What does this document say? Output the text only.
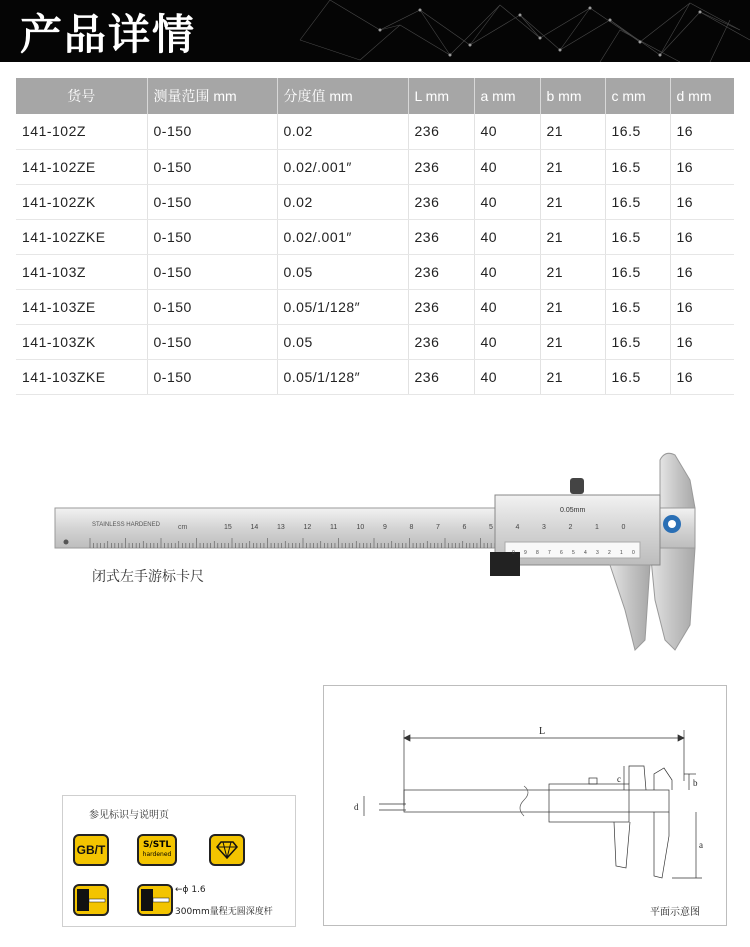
产品详情
货号	测量范围 mm	分度值 mm	L mm	a mm	b mm	c mm	d mm
141-102Z	0-150	0.02	236	40	21	16.5	16
141-102ZE	0-150	0.02/.001″	236	40	21	16.5	16
141-102ZK	0-150	0.02	236	40	21	16.5	16
141-102ZKE	0-150	0.02/.001″	236	40	21	16.5	16
141-103Z	0-150	0.05	236	40	21	16.5	16
141-103ZE	0-150	0.05/1/128″	236	40	21	16.5	16
141-103ZK	0-150	0.05	236	40	21	16.5	16
141-103ZKE	0-150	0.05/1/128″	236	40	21	16.5	16
STAINLESS HARDENED	cm	15	14	13	12	11	10	9	8	7	6	5	4	3	2	1	0
0.05mm
0 9 8 7 6 5 4 3 2 1 0
闭式左手游标卡尺
参见标识与说明页
GB/T	S/STL
hardened
←ϕ 1.6
300mm量程无圆深度杆
L
c	b
a
d
平面示意图
